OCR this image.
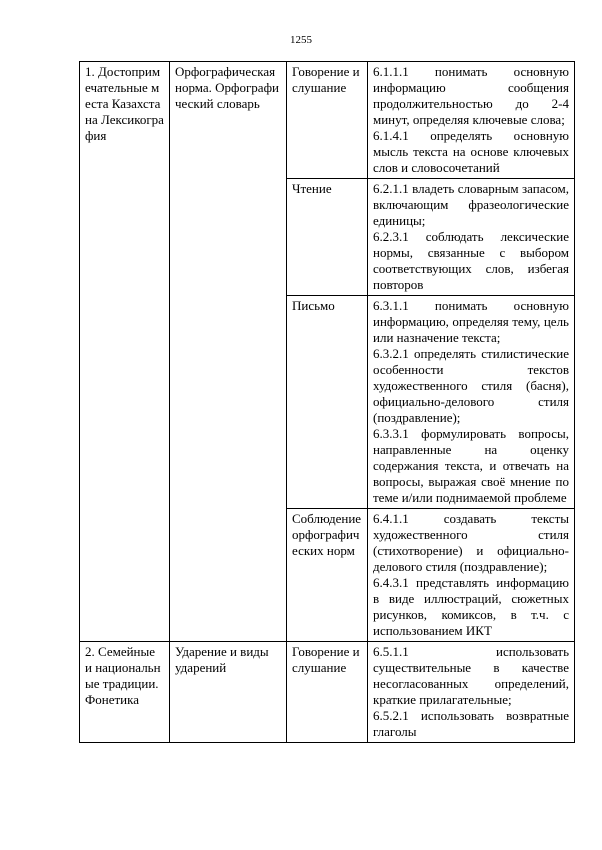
1255
1. Достопримечательные места Казахстана Лексикография	Орфографическая норма. Орфографический словарь	Говорение и слушание	6.1.1.1 понимать основную информацию сообщения продолжительностью до 2-4 минут, определяя ключевые слова;
6.1.4.1 определять основную мысль текста на основе ключевых слов и словосочетаний

		Чтение	6.2.1.1 владеть словарным запасом, включающим фразеологические единицы;
6.2.3.1 соблюдать лексические нормы, связанные с выбором соответствующих слов, избегая повторов

		Письмо	6.3.1.1 понимать основную информацию, определяя тему, цель или назначение текста;
6.3.2.1 определять стилистические особенности текстов художественного стиля (басня), официально-делового стиля (поздравление);
6.3.3.1 формулировать вопросы, направленные на оценку содержания текста, и отвечать на вопросы, выражая своё мнение по теме и/или поднимаемой проблеме

		Соблюдение орфографических норм	6.4.1.1 создавать тексты художественного стиля (стихотворение) и официально-делового стиля (поздравление);
6.4.3.1 представлять информацию в виде иллюстраций, сюжетных рисунков, комиксов, в т.ч. с использованием ИКТ

2. Семейные и национальные традиции. Фонетика	Ударение и виды ударений	Говорение и слушание	6.5.1.1 использовать существительные в качестве несогласованных определений, краткие прилагательные;
6.5.2.1 использовать возвратные глаголы
